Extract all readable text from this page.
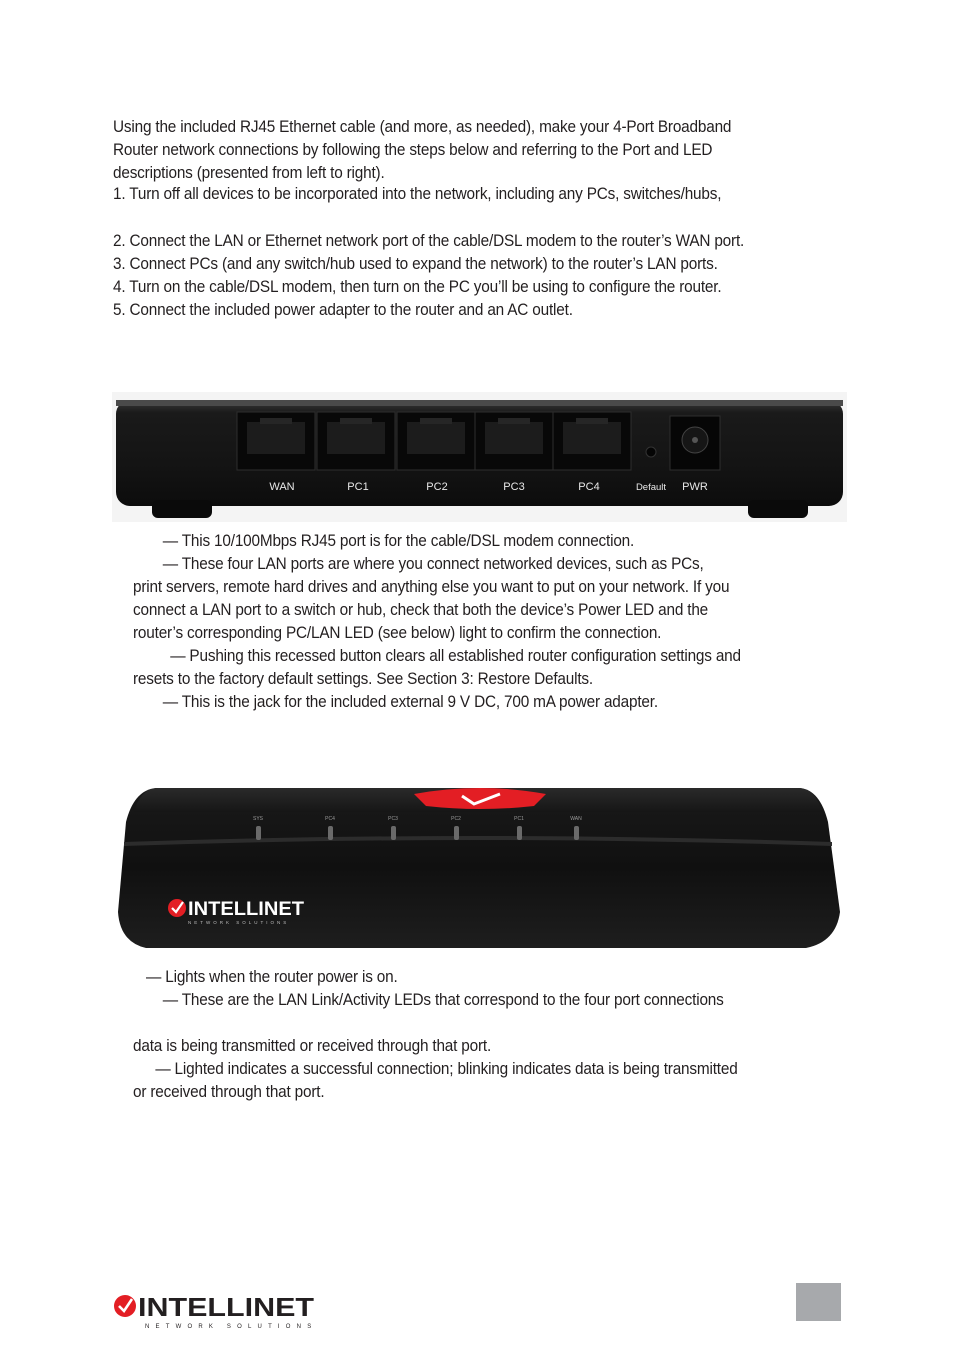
Using the included RJ45 Ethernet cable (and more, as needed), make your 4-Port Broadband
Router network connections by following the steps below and referring to the Port and LED
descriptions (presented from left to right).
1. Turn off all devices to be incorporated into the network, including any PCs, switches/hubs,
2. Connect the LAN or Ethernet network port of the cable/DSL modem to the router’s WAN port.
3. Connect PCs (and any switch/hub used to expand the network) to the router’s LAN ports.
4. Turn on the cable/DSL modem, then turn on the PC you’ll be using to configure the router.
5. Connect the included power adapter to the router and an AC outlet.
WAN	PC1	PC2	PC3	PC4	Default PWR
— This 10/100Mbps RJ45 port is for the cable/DSL modem connection.
— These four LAN ports are where you connect networked devices, such as PCs,
print servers, remote hard drives and anything else you want to put on your network. If you
connect a LAN port to a switch or hub, check that both the device’s Power LED and the
router’s corresponding PC/LAN LED (see below) light to confirm the connection.
— Pushing this recessed button clears all established router configuration settings and
resets to the factory default settings. See Section 3: Restore Defaults.
— This is the jack for the included external 9 V DC, 700 mA power adapter.
SYS	PC4	PC3	PC2	PC1	WAN
INTELLINET
NETWORK SOLUTIONS
— Lights when the router power is on.
— These are the LAN Link/Activity LEDs that correspond to the four port connections
data is being transmitted or received through that port.
— Lighted indicates a successful connection; blinking indicates data is being transmitted
or received through that port.
INTELLINET
NETWORK SOLUTIONS
